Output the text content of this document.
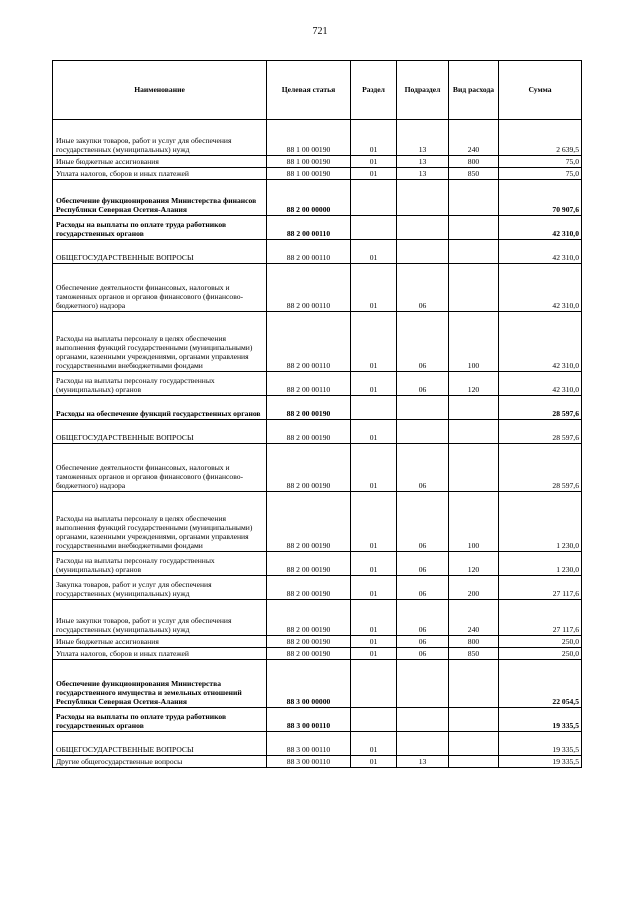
721
Наименование	Целевая статья	Раздел	Подраздел	Вид расхода	Сумма
Иные закупки товаров, работ и услуг для обеспечения государственных (муниципальных) нужд	88 1 00 00190	01	13	240	2 639,5
Иные бюджетные ассигнования	88 1 00 00190	01	13	800	75,0
Уплата налогов, сборов и иных платежей	88 1 00 00190	01	13	850	75,0
Обеспечение функционирования Министерства финансов Республики Северная Осетия-Алания	88 2 00 00000				70 907,6
Расходы на выплаты по оплате труда работников государственных органов	88 2 00 00110				42 310,0
ОБЩЕГОСУДАРСТВЕННЫЕ ВОПРОСЫ	88 2 00 00110	01			42 310,0
Обеспечение деятельности финансовых, налоговых и таможенных органов и органов финансового (финансово-бюджетного) надзора	88 2 00 00110	01	06		42 310,0
Расходы на выплаты персоналу в целях обеспечения выполнения функций государственными (муниципальными) органами, казенными учреждениями, органами управления государственными внебюджетными фондами	88 2 00 00110	01	06	100	42 310,0
Расходы на выплаты персоналу государственных (муниципальных) органов	88 2 00 00110	01	06	120	42 310,0
Расходы на обеспечение функций государственных органов	88 2 00 00190				28 597,6
ОБЩЕГОСУДАРСТВЕННЫЕ ВОПРОСЫ	88 2 00 00190	01			28 597,6
Обеспечение деятельности финансовых, налоговых и таможенных органов и органов финансового (финансово-бюджетного) надзора	88 2 00 00190	01	06		28 597,6
Расходы на выплаты персоналу в целях обеспечения выполнения функций государственными (муниципальными) органами, казенными учреждениями, органами управления государственными внебюджетными фондами	88 2 00 00190	01	06	100	1 230,0
Расходы на выплаты персоналу государственных (муниципальных) органов	88 2 00 00190	01	06	120	1 230,0
Закупка товаров, работ и услуг для обеспечения государственных (муниципальных) нужд	88 2 00 00190	01	06	200	27 117,6
Иные закупки товаров, работ и услуг для обеспечения государственных (муниципальных) нужд	88 2 00 00190	01	06	240	27 117,6
Иные бюджетные ассигнования	88 2 00 00190	01	06	800	250,0
Уплата налогов, сборов и иных платежей	88 2 00 00190	01	06	850	250,0
Обеспечение функционирования Министерства государственного имущества и земельных отношений Республики Северная Осетия-Алания	88 3 00 00000				22 054,5
Расходы на выплаты по оплате труда работников государственных органов	88 3 00 00110				19 335,5
ОБЩЕГОСУДАРСТВЕННЫЕ ВОПРОСЫ	88 3 00 00110	01			19 335,5
Другие общегосударственные вопросы	88 3 00 00110	01	13		19 335,5
